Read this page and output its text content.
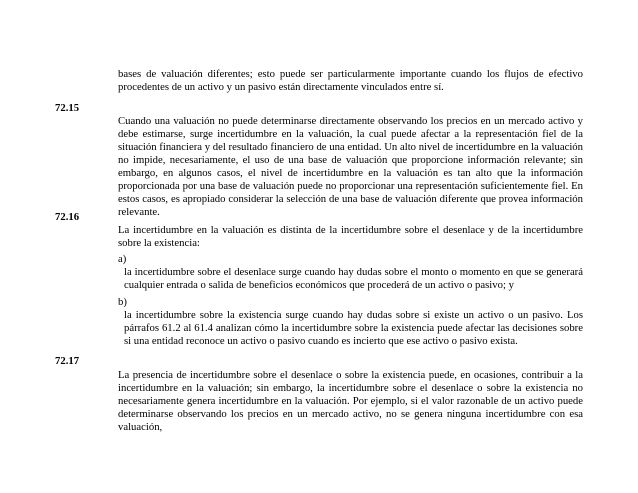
bases de valuación diferentes; esto puede ser particularmente importante cuando los flujos de efectivo procedentes de un activo y un pasivo están directamente vinculados entre sí.

72.15

Cuando una valuación no puede determinarse directamente observando los precios en un mercado activo y debe estimarse, surge incertidumbre en la valuación, la cual puede afectar a la representación fiel de la situación financiera y del resultado financiero de una entidad. Un alto nivel de incertidumbre en la valuación no impide, necesariamente, el uso de una base de valuación que proporcione información relevante; sin embargo, en algunos casos, el nivel de incertidumbre en la valuación es tan alto que la información proporcionada por una base de valuación puede no proporcionar una representación suficientemente fiel. En estos casos, es apropiado considerar la selección de una base de valuación diferente que provea información relevante.

72.16

La incertidumbre en la valuación es distinta de la incertidumbre sobre el desenlace y de la incertidumbre sobre la existencia:

a)

la incertidumbre sobre el desenlace surge cuando hay dudas sobre el monto o momento en que se generará cualquier entrada o salida de beneficios económicos que procederá de un activo o pasivo; y

b)

la incertidumbre sobre la existencia surge cuando hay dudas sobre si existe un activo o un pasivo. Los párrafos 61.2 al 61.4 analizan cómo la incertidumbre sobre la existencia puede afectar las decisiones sobre si una entidad reconoce un activo o pasivo cuando es incierto que ese activo o pasivo exista.

72.17

La presencia de incertidumbre sobre el desenlace o sobre la existencia puede, en ocasiones, contribuir a la incertidumbre en la valuación; sin embargo, la incertidumbre sobre el desenlace o sobre la existencia no necesariamente genera incertidumbre en la valuación. Por ejemplo, si el valor razonable de un activo puede determinarse observando los precios en un mercado activo, no se genera ninguna incertidumbre con esa valuación,
